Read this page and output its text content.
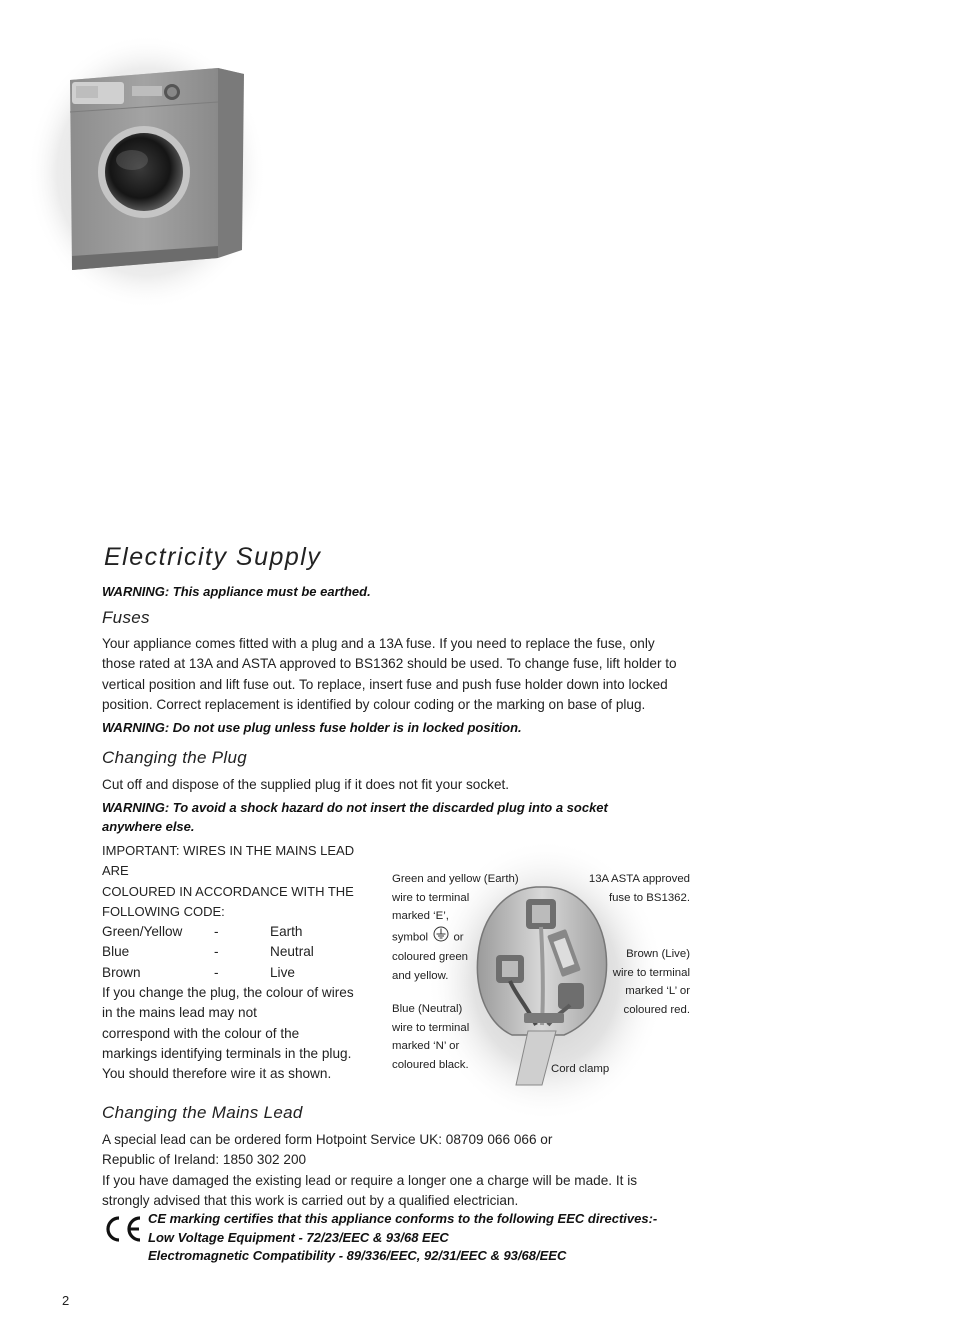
Electricity Supply
WARNING: This appliance must be earthed.
Fuses
Your appliance comes fitted with a plug and a 13A fuse. If you need to replace the fuse, only
those rated at 13A and ASTA approved to BS1362 should be used. To change fuse, lift holder to
vertical position and lift fuse out. To replace, insert fuse and push fuse holder down into locked
position. Correct replacement is identified by colour coding or the marking on base of plug.
WARNING: Do not use plug unless fuse holder is in locked position.
Changing the Plug
Cut off and dispose of the supplied plug if it does not fit your socket.
WARNING: To avoid a shock hazard do not insert the discarded plug into a socket
anywhere else.
IMPORTANT: WIRES IN THE MAINS LEAD ARE
COLOURED IN ACCORDANCE WITH THE
FOLLOWING CODE:
Green/Yellow	-	Earth
Blue	-	Neutral
Brown	-	Live
If you change the plug, the colour of wires
in the mains lead may not
correspond with the colour of the
markings identifying terminals in the plug.
You should therefore wire it as shown.
Green and yellow (Earth)
wire to terminal
marked ‘E’,
symbol or
coloured green
and yellow.
Blue (Neutral)
wire to terminal
marked ‘N’ or
coloured black.
13A ASTA approved
fuse to BS1362.
Brown (Live)
wire to terminal
marked ‘L’ or
coloured red.
Cord clamp
Changing the Mains Lead
A special lead can be ordered form Hotpoint Service UK: 08709 066 066 or
Republic of Ireland: 1850 302 200
If you have damaged the existing lead or require a longer one a charge will be made. It is
strongly advised that this work is carried out by a qualified electrician.
CE marking certifies that this appliance conforms to the following EEC directives:-
Low Voltage Equipment - 72/23/EEC & 93/68 EEC
Electromagnetic Compatibility - 89/336/EEC, 92/31/EEC & 93/68/EEC
2
